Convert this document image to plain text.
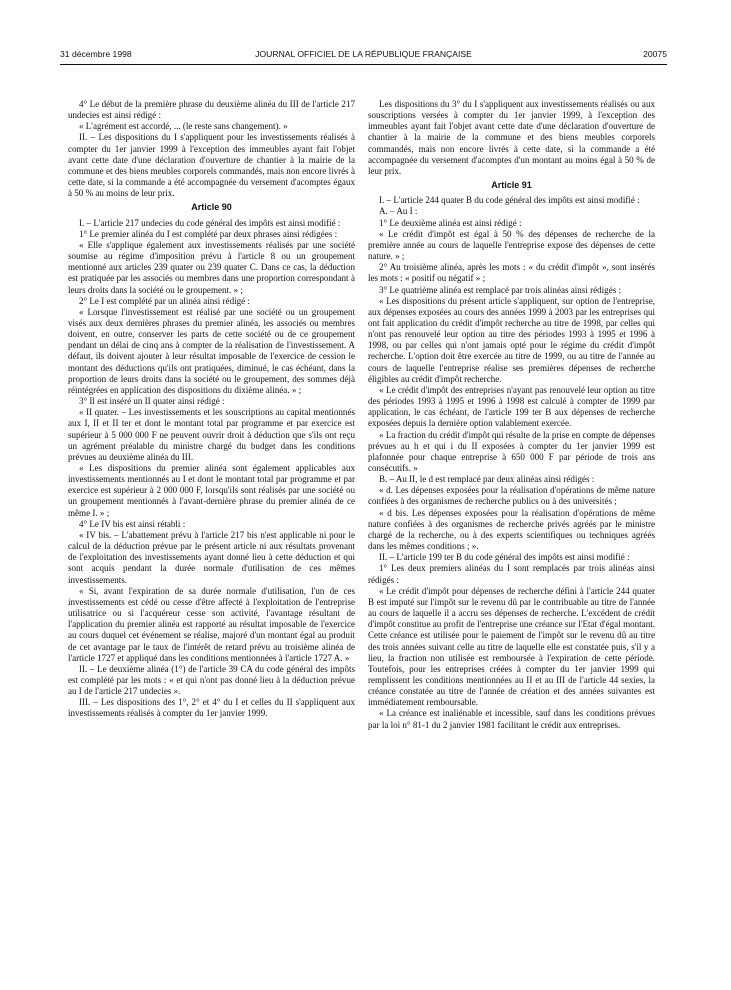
31 décembre 1998	JOURNAL OFFICIEL DE LA RÉPUBLIQUE FRANÇAISE	20075

4° Le début de la première phrase du deuxième alinéa du III de l'article 217 undecies est ainsi rédigé :

« L'agrément est accordé, ... (le reste sans changement). »

II. – Les dispositions du I s'appliquent pour les investissements réalisés à compter du 1er janvier 1999 à l'exception des immeubles ayant fait l'objet avant cette date d'une déclaration d'ouverture de chantier à la mairie de la commune et des biens meubles corporels commandés, mais non encore livrés à cette date, si la commande a été accompagnée du versement d'acomptes égaux à 50 % au moins de leur prix.

Article 90

I. – L'article 217 undecies du code général des impôts est ainsi modifié :

1° Le premier alinéa du I est complété par deux phrases ainsi rédigées :

« Elle s'applique également aux investissements réalisés par une société soumise au régime d'imposition prévu à l'article 8 ou un groupement mentionné aux articles 239 quater ou 239 quater C. Dans ce cas, la déduction est pratiquée par les associés ou membres dans une proportion correspondant à leurs droits dans la société ou le groupement. » ;

2° Le I est complété par un alinéa ainsi rédigé :

« Lorsque l'investissement est réalisé par une société ou un groupement visés aux deux dernières phrases du premier alinéa, les associés ou membres doivent, en outre, conserver les parts de cette société ou de ce groupement pendant un délai de cinq ans à compter de la réalisation de l'investissement. A défaut, ils doivent ajouter à leur résultat imposable de l'exercice de cession le montant des déductions qu'ils ont pratiquées, diminué, le cas échéant, dans la proportion de leurs droits dans la société ou le groupement, des sommes déjà réintégrées en application des dispositions du dixième alinéa. » ;

3° Il est inséré un II quater ainsi rédigé :

« II quater. – Les investissements et les souscriptions au capital mentionnés aux I, II et II ter et dont le montant total par programme et par exercice est supérieur à 5 000 000 F ne peuvent ouvrir droit à déduction que s'ils ont reçu un agrément préalable du ministre chargé du budget dans les conditions prévues au deuxième alinéa du III.

« Les dispositions du premier alinéa sont également applicables aux investissements mentionnés au I et dont le montant total par programme et par exercice est supérieur à 2 000 000 F, lorsqu'ils sont réalisés par une société ou un groupement mentionnés à l'avant-dernière phrase du premier alinéa de ce même I. » ;

4° Le IV bis est ainsi rétabli :

« IV bis. – L'abattement prévu à l'article 217 bis n'est applicable ni pour le calcul de la déduction prévue par le présent article ni aux résultats provenant de l'exploitation des investissements ayant donné lieu à cette déduction et qui sont acquis pendant la durée normale d'utilisation de ces mêmes investissements.

« Si, avant l'expiration de sa durée normale d'utilisation, l'un de ces investissements est cédé ou cesse d'être affecté à l'exploitation de l'entreprise utilisatrice ou si l'acquéreur cesse son activité, l'avantage résultant de l'application du premier alinéa est rapporté au résultat imposable de l'exercice au cours duquel cet événement se réalise, majoré d'un montant égal au produit de cet avantage par le taux de l'intérêt de retard prévu au troisième alinéa de l'article 1727 et appliqué dans les conditions mentionnées à l'article 1727 A. »

II. – Le deuxième alinéa (1°) de l'article 39 CA du code général des impôts est complété par les mots : « et qui n'ont pas donné lieu à la déduction prévue au I de l'article 217 undecies ».

III. – Les dispositions des 1°, 2° et 4° du I et celles du II s'appliquent aux investissements réalisés à compter du 1er janvier 1999.

Les dispositions du 3° du I s'appliquent aux investissements réalisés ou aux souscriptions versées à compter du 1er janvier 1999, à l'exception des immeubles ayant fait l'objet avant cette date d'une déclaration d'ouverture de chantier à la mairie de la commune et des biens meubles corporels commandés, mais non encore livrés à cette date, si la commande a été accompagnée du versement d'acomptes d'un montant au moins égal à 50 % de leur prix.

Article 91

I. – L'article 244 quater B du code général des impôts est ainsi modifié :

A. – Au I :

1° Le deuxième alinéa est ainsi rédigé :

« Le crédit d'impôt est égal à 50 % des dépenses de recherche de la première année au cours de laquelle l'entreprise expose des dépenses de cette nature. » ;

2° Au troisième alinéa, après les mots : « du crédit d'impôt », sont insérés les mots : « positif ou négatif » ;

3° Le quatrième alinéa est remplacé par trois alinéas ainsi rédigés :

« Les dispositions du présent article s'appliquent, sur option de l'entreprise, aux dépenses exposées au cours des années 1999 à 2003 par les entreprises qui ont fait application du crédit d'impôt recherche au titre de 1998, par celles qui n'ont pas renouvelé leur option au titre des périodes 1993 à 1995 et 1996 à 1998, ou par celles qui n'ont jamais opté pour le régime du crédit d'impôt recherche. L'option doit être exercée au titre de 1999, ou au titre de l'année au cours de laquelle l'entreprise réalise ses premières dépenses de recherche éligibles au crédit d'impôt recherche.

« Le crédit d'impôt des entreprises n'ayant pas renouvelé leur option au titre des périodes 1993 à 1995 et 1996 à 1998 est calculé à compter de 1999 par application, le cas échéant, de l'article 199 ter B aux dépenses de recherche exposées depuis la dernière option valablement exercée.

« La fraction du crédit d'impôt qui résulte de la prise en compte de dépenses prévues au h et qui i du II exposées à compter du 1er janvier 1999 est plafonnée pour chaque entreprise à 650 000 F par période de trois ans consécutifs. »

B. – Au II, le d est remplacé par deux alinéas ainsi rédigés :

« d. Les dépenses exposées pour la réalisation d'opérations de même nature confiées à des organismes de recherche publics ou à des universités ;

« d bis. Les dépenses exposées pour la réalisation d'opérations de même nature confiées à des organismes de recherche privés agréés par le ministre chargé de la recherche, ou à des experts scientifiques ou techniques agréés dans les mêmes conditions ; ».

II. – L'article 199 ter B du code général des impôts est ainsi modifié :

1° Les deux premiers alinéas du I sont remplacés par trois alinéas ainsi rédigés :

« Le crédit d'impôt pour dépenses de recherche défini à l'article 244 quater B est imputé sur l'impôt sur le revenu dû par le contribuable au titre de l'année au cours de laquelle il a accru ses dépenses de recherche. L'excédent de crédit d'impôt constitue au profit de l'entreprise une créance sur l'Etat d'égal montant. Cette créance est utilisée pour le paiement de l'impôt sur le revenu dû au titre des trois années suivant celle au titre de laquelle elle est constatée puis, s'il y a lieu, la fraction non utilisée est remboursée à l'expiration de cette période. Toutefois, pour les entreprises créées à compter du 1er janvier 1999 qui remplissent les conditions mentionnées au II et au III de l'article 44 sexies, la créance constatée au titre de l'année de création et des années suivantes est immédiatement remboursable.

« La créance est inaliénable et incessible, sauf dans les conditions prévues par la loi n° 81-1 du 2 janvier 1981 facilitant le crédit aux entreprises.
